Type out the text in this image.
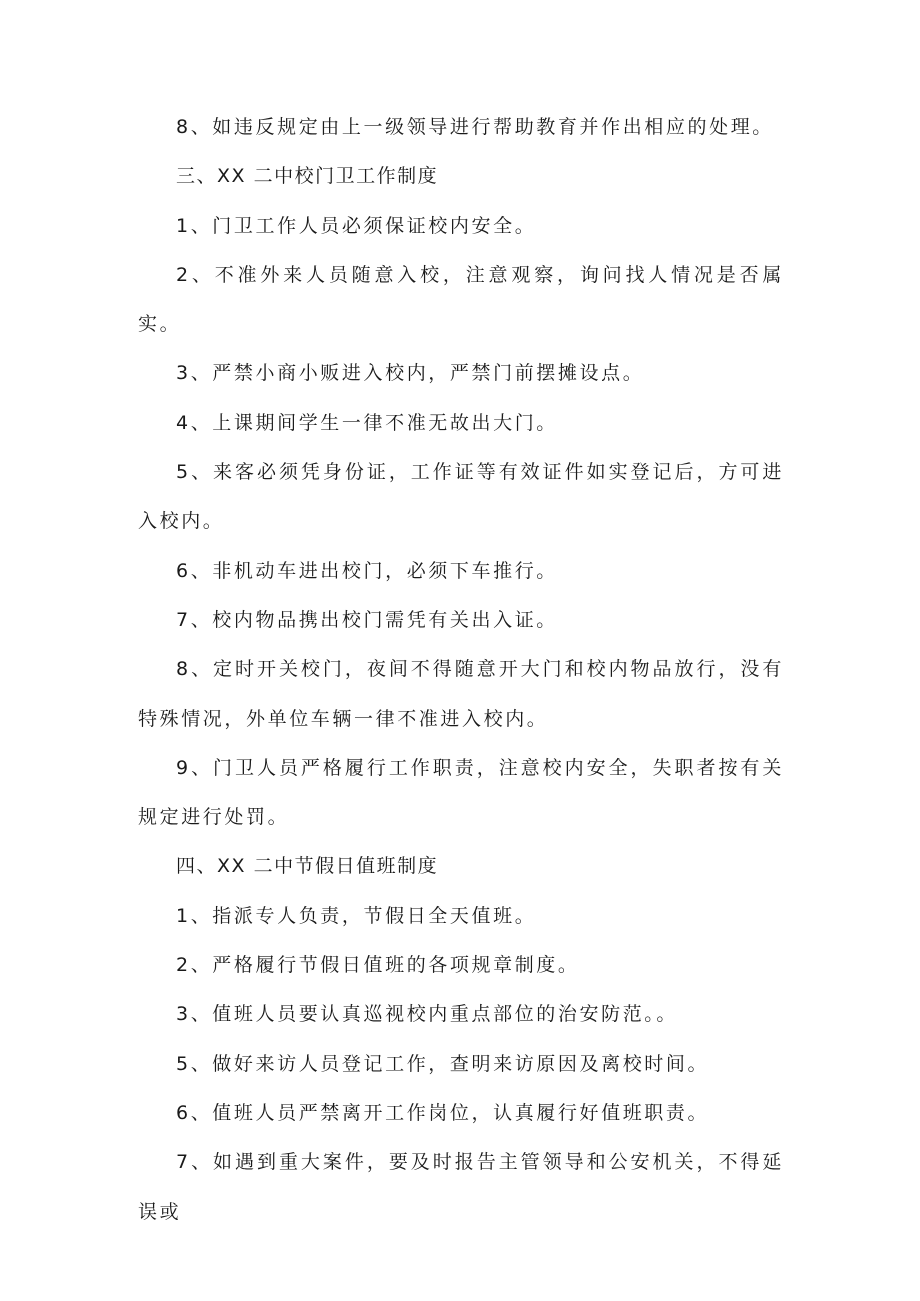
8、如违反规定由上一级领导进行帮助教育并作出相应的处理。

三、XX 二中校门卫工作制度

1、门卫工作人员必须保证校内安全。

2、不准外来人员随意入校，注意观察，询问找人情况是否属实。

3、严禁小商小贩进入校内，严禁门前摆摊设点。

4、上课期间学生一律不准无故出大门。

5、来客必须凭身份证，工作证等有效证件如实登记后，方可进入校内。

6、非机动车进出校门，必须下车推行。

7、校内物品携出校门需凭有关出入证。

8、定时开关校门，夜间不得随意开大门和校内物品放行，没有特殊情况，外单位车辆一律不准进入校内。

9、门卫人员严格履行工作职责，注意校内安全，失职者按有关规定进行处罚。

四、XX 二中节假日值班制度

1、指派专人负责，节假日全天值班。

2、严格履行节假日值班的各项规章制度。

3、值班人员要认真巡视校内重点部位的治安防范。。

5、做好来访人员登记工作，查明来访原因及离校时间。

6、值班人员严禁离开工作岗位，认真履行好值班职责。

7、如遇到重大案件，要及时报告主管领导和公安机关，不得延误或
